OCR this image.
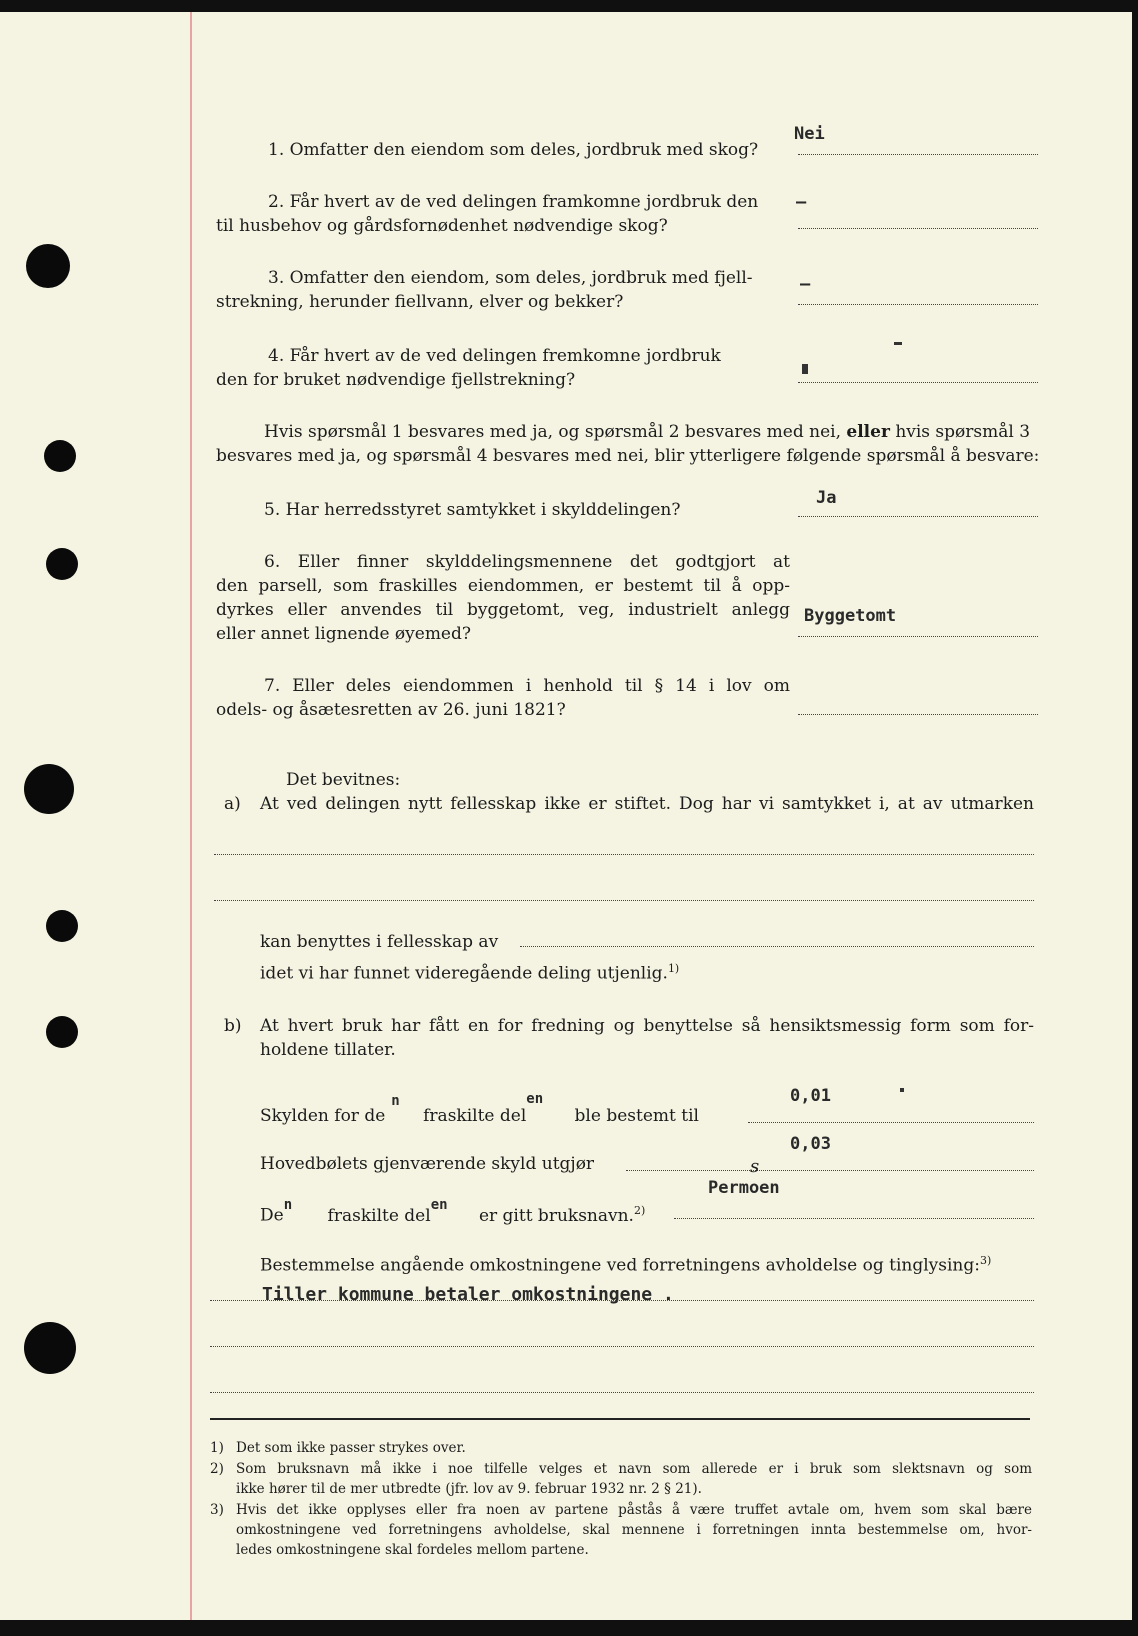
1. Omfatter den eiendom som deles, jordbruk med skog?
Nei
2. Får hvert av de ved delingen framkomne jordbruk den
til husbehov og gårdsfornødenhet nødvendige skog?
–
3. Omfatter den eiendom, som deles, jordbruk med fjell-
strekning, herunder fiellvann, elver og bekker?
–
4. Får hvert av de ved delingen fremkomne jordbruk
den for bruket nødvendige fjellstrekning?
Hvis spørsmål 1 besvares med ja, og spørsmål 2 besvares med nei, eller hvis spørsmål 3
besvares med ja, og spørsmål 4 besvares med nei, blir ytterligere følgende spørsmål å besvare:
5. Har herredsstyret samtykket i skylddelingen?
Ja
6. Eller finner skylddelingsmennene det godtgjort at
den parsell, som fraskilles eiendommen, er bestemt til å opp-
dyrkes eller anvendes til byggetomt, veg, industrielt anlegg
eller annet lignende øyemed?
Byggetomt
7. Eller deles eiendommen i henhold til § 14 i lov om
odels- og åsætesretten av 26. juni 1821?
Det bevitnes:
a) At ved delingen nytt fellesskap ikke er stiftet. Dog har vi samtykket i, at av utmarken
kan benyttes i fellesskap av
idet vi har funnet videregående deling utjenlig.$^{1)}$
b) At hvert bruk har fått en for fredning og benyttelse så hensiktsmessig form som for-
holdene tillater.
Skylden for $de^n$ fraskilte del$^{en}$ ble bestemt til
0,01
Hovedbølets gjenværende skyld utgjør
0,03
De$^n$ fraskilte del$^{en}$ er gitt bruksnavn.$^{2)}$
s
Permoen
Bestemmelse angående omkostningene ved forretningens avholdelse og tinglysing:$^{3)}$
Tiller kommune betaler omkostningene .
1) Det som ikke passer strykes over.
2) Som bruksnavn må ikke i noe tilfelle velges et navn som allerede er i bruk som slektsnavn og som
ikke hører til de mer utbredte (jfr. lov av 9. februar 1932 nr. 2 § 21).
3) Hvis det ikke opplyses eller fra noen av partene påstås å være truffet avtale om, hvem som skal bære
omkostningene ved forretningens avholdelse, skal mennene i forretningen innta bestemmelse om, hvor-
ledes omkostningene skal fordeles mellom partene.
